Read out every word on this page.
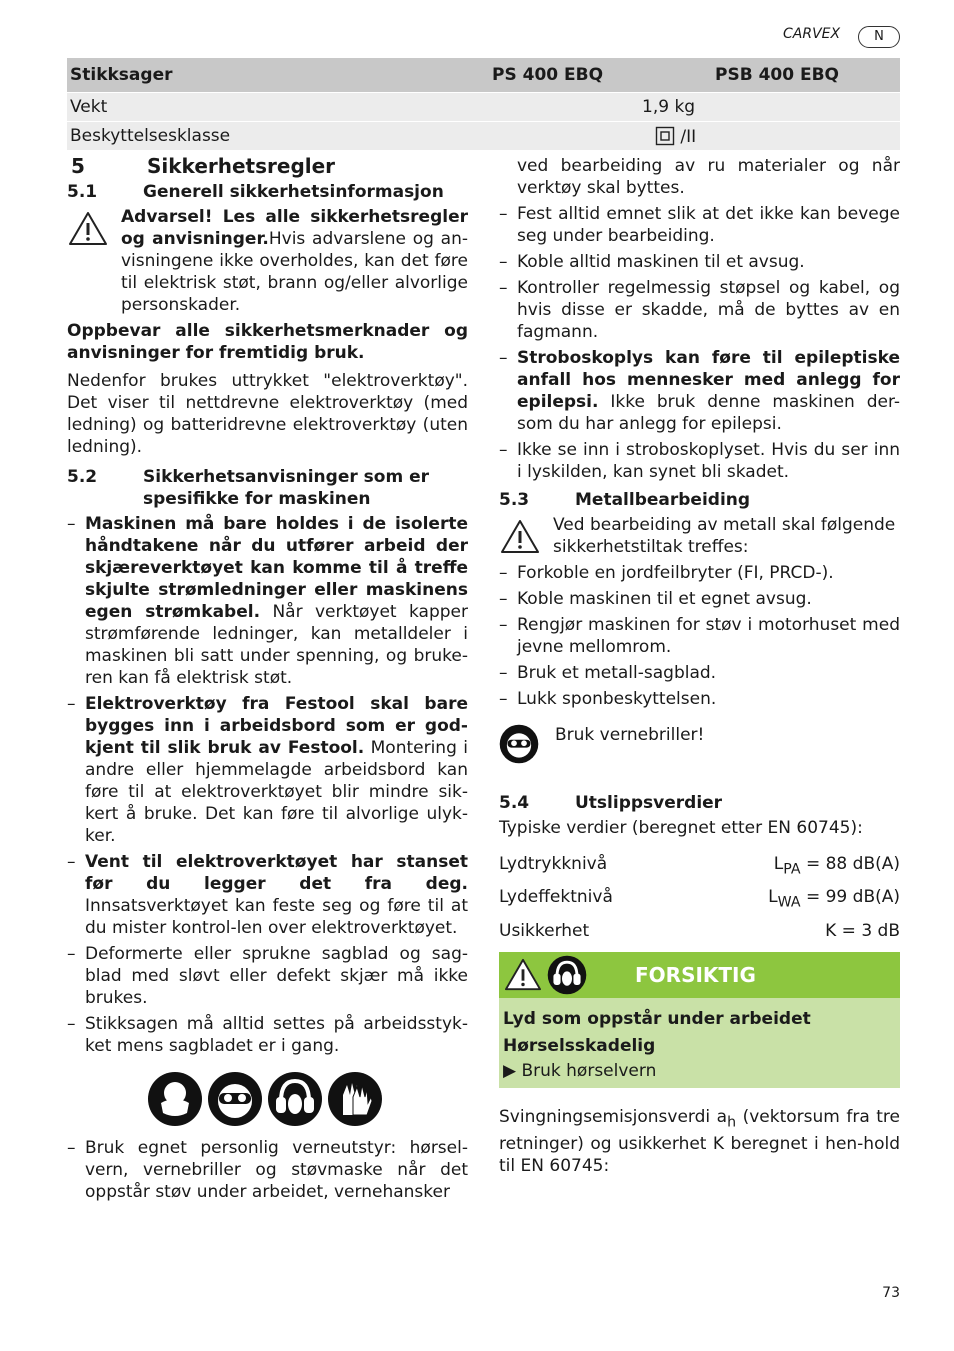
CARVEX	N
Stikksager	PS 400 EBQ	PSB 400 EBQ
Vekt	1,9 kg	
Beskyttelsesklasse	/II	
5	Sikkerhetsregler
5.1	Generell sikkerhetsinformasjon

Advarsel! Les alle sikkerhetsregler og anvisninger.Hvis advarslene og an-visningene ikke overholdes, kan det føre til elektrisk støt, brann og/eller alvorlige personskader.

Oppbevar alle sikkerhetsmerknader og anvisninger for fremtidig bruk.

Nedenfor brukes uttrykket "elektroverktøy". Det viser til nettdrevne elektroverktøy (med ledning) og batteridrevne elektroverktøy (uten ledning).

5.2	Sikkerhetsanvisninger som er spesifikke for maskinen
– Maskinen må bare holdes i de isolerte håndtakene når du utfører arbeid der skjæreverktøyet kan komme til å treffe skjulte strømledninger eller maskinens egen strømkabel. Når verktøyet kapper strømførende ledninger, kan metalldeler i maskinen bli satt under spenning, og bruke-ren kan få elektrisk støt.
– Elektroverktøy fra Festool skal bare bygges inn i arbeidsbord som er god-kjent til slik bruk av Festool. Montering i andre eller hjemmelagde arbeidsbord kan føre til at elektroverktøyet blir mindre sik-kert å bruke. Det kan føre til alvorlige ulyk-ker.
– Vent til elektroverktøyet har stanset før du legger det fra deg. Innsatsverktøyet kan feste seg og føre til at du mister kontrol-len over elektroverktøyet.
– Deformerte eller sprukne sagblad og sag-blad med sløvt eller defekt skjær må ikke brukes.
– Stikksagen må alltid settes på arbeidsstyk-ket mens sagbladet er i gang.
– Bruk egnet personlig verneutstyr: hørsel-vern, vernebriller og støvmaske når det oppstår støv under arbeidet, vernehansker

ved bearbeiding av ru materialer og når verktøy skal byttes.

– Fest alltid emnet slik at det ikke kan bevege seg under bearbeiding.
– Koble alltid maskinen til et avsug.
– Kontroller regelmessig støpsel og kabel, og hvis disse er skadde, må de byttes av en fagmann.
– Stroboskoplys kan føre til epileptiske anfall hos mennesker med anlegg for epilepsi. Ikke bruk denne maskinen der-som du har anlegg for epilepsi.
– Ikke se inn i stroboskoplyset. Hvis du ser inn i lyskilden, kan synet bli skadet.
5.3	Metallbearbeiding

Ved bearbeiding av metall skal følgende sikkerhetstiltak treffes:

– Forkoble en jordfeilbryter (FI, PRCD-).
– Koble maskinen til et egnet avsug.
– Rengjør maskinen for støv i motorhuset med jevne mellomrom.
– Bruk et metall-sagblad.
– Lukk sponbeskyttelsen.
Bruk vernebriller!
5.4	Utslippsverdier

Typiske verdier (beregnet etter EN 60745):

Lydtrykknivå	$L_{PA} = 88$ dB(A)
Lydeffektnivå	$L_{WA} = 99$ dB(A)
Usikkerhet	K = 3 dB
FORSIKTIG
Lyd som oppstår under arbeidet
Hørselsskadelig
▶ Bruk hørselvern

Svingningsemisjonsverdi $a_h$ (vektorsum fra tre retninger) og usikkerhet K beregnet i hen-hold til EN 60745:

73
